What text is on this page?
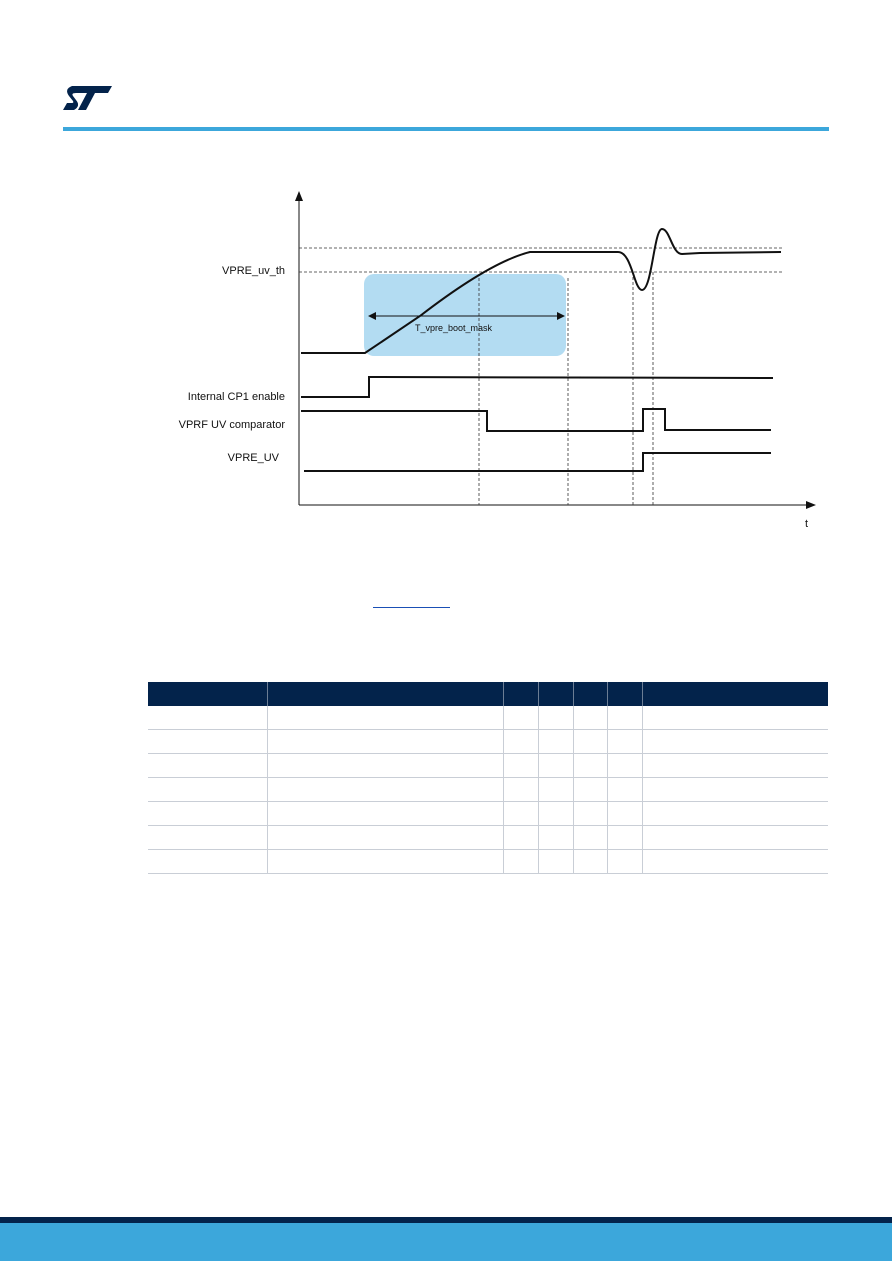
T_vpre_boot_mask
VPRE_uv_th
Internal CP1 enable
VPRF UV comparator
VPRE_UV
t
